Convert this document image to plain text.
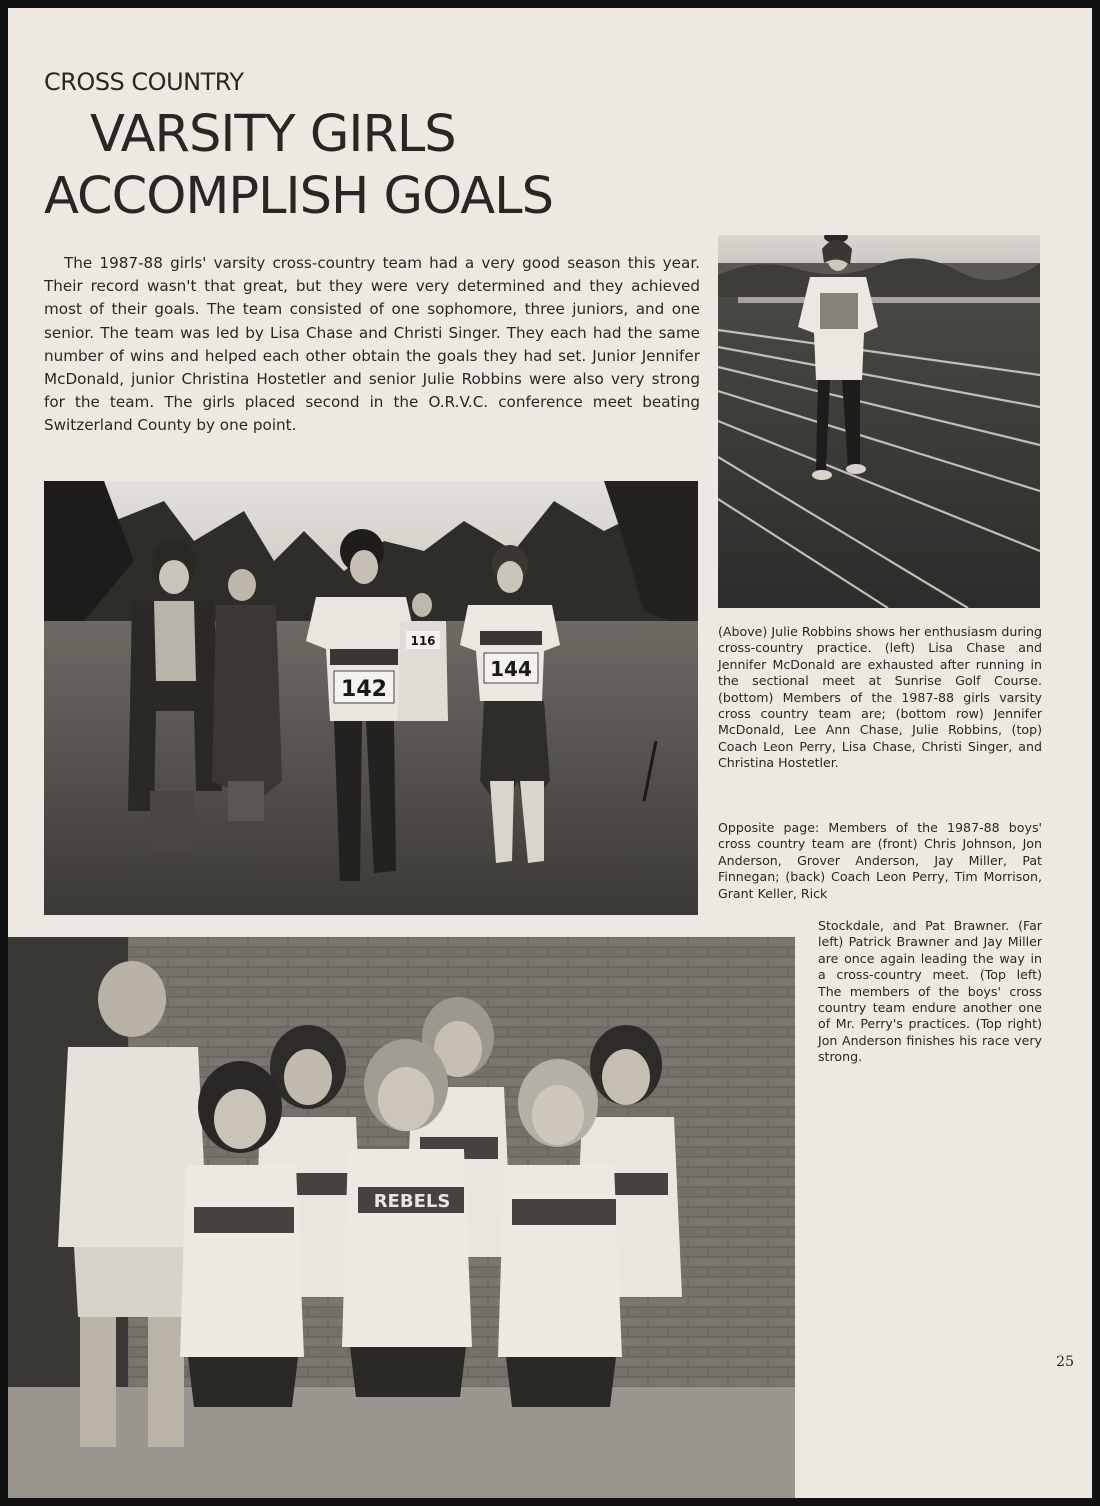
CROSS COUNTRY
VARSITY GIRLS
ACCOMPLISH GOALS

The 1987-88 girls' varsity cross-country team had a very good season this year. Their record wasn't that great, but they were very determined and they achieved most of their goals. The team consisted of one sophomore, three juniors, and one senior. The team was led by Lisa Chase and Christi Singer. They each had the same number of wins and helped each other obtain the goals they had set. Junior Jennifer McDonald, junior Christina Hostetler and senior Julie Robbins were also very strong for the team. The girls placed second in the O.R.V.C. conference meet beating Switzerland County by one point.

142
144
116
REBELS

(Above) Julie Robbins shows her enthusiasm during cross-country practice. (left) Lisa Chase and Jennifer McDonald are exhausted after running in the sectional meet at Sunrise Golf Course. (bottom) Members of the 1987-88 girls varsity cross country team are; (bottom row) Jennifer McDonald, Lee Ann Chase, Julie Robbins, (top) Coach Leon Perry, Lisa Chase, Christi Singer, and Christina Hostetler.

Opposite page: Members of the 1987-88 boys' cross country team are (front) Chris Johnson, Jon Anderson, Grover Anderson, Jay Miller, Pat Finnegan; (back) Coach Leon Perry, Tim Morrison, Grant Keller, Rick

Stockdale, and Pat Brawner. (Far left) Patrick Brawner and Jay Miller are once again leading the way in a cross-country meet. (Top left) The members of the boys' cross country team endure another one of Mr. Perry's practices. (Top right) Jon Anderson finishes his race very strong.

25
